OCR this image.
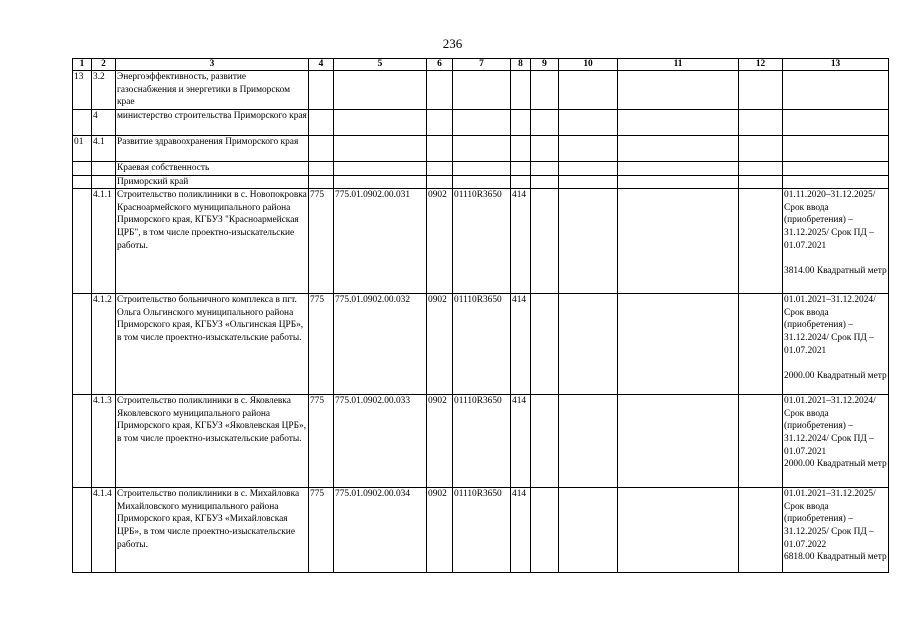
236
1	2	3	4	5	6	7	8	9	10	11	12	13
13	3.2	Энергоэффективность, развитие газоснабжения и энергетики в Приморском крае										
	4	министерство строительства Приморского края										
01	4.1	Развитие здравоохранения Приморского края										
		Краевая собственность										
		Приморский край										
	4.1.1	Строительство поликлиники в с. Новопокровка Красноармейского муниципального района Приморского края, КГБУЗ "Красноармейская ЦРБ", в том числе проектно-изыскательские работы.	775	775.01.0902.00.031	0902	01110R3650	414					01.11.2020–31.12.2025/ Срок ввода (приобретения) – 31.12.2025/ Срок ПД – 01.07.2021

3814.00 Квадратный метр
	4.1.2	Строительство больничного комплекса в пгт. Ольга Ольгинского муниципального района Приморского края, КГБУЗ «Ольгинская ЦРБ», в том числе проектно-изыскательские работы.	775	775.01.0902.00.032	0902	01110R3650	414					01.01.2021–31.12.2024/ Срок ввода (приобретения) – 31.12.2024/ Срок ПД – 01.07.2021

2000.00 Квадратный метр
	4.1.3	Строительство поликлиники в с. Яковлевка Яковлевского муниципального района Приморского края, КГБУЗ «Яковлевская ЦРБ», в том числе проектно-изыскательские работы.	775	775.01.0902.00.033	0902	01110R3650	414					01.01.2021–31.12.2024/ Срок ввода (приобретения) – 31.12.2024/ Срок ПД – 01.07.2021
2000.00 Квадратный метр
	4.1.4	Строительство поликлиники в с. Михайловка Михайловского муниципального района Приморского края, КГБУЗ «Михайловская ЦРБ», в том числе проектно-изыскательские работы.	775	775.01.0902.00.034	0902	01110R3650	414					01.01.2021–31.12.2025/ Срок ввода (приобретения) – 31.12.2025/ Срок ПД – 01.07.2022
6818.00 Квадратный метр
